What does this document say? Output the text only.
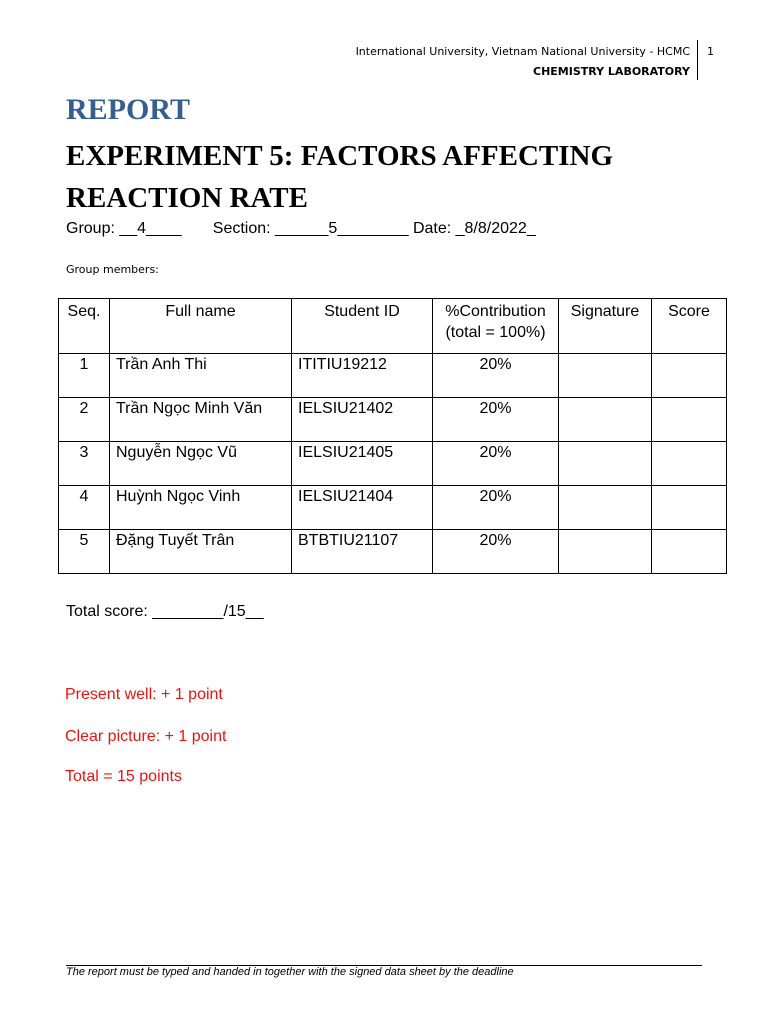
International University, Vietnam National University - HCMC
CHEMISTRY LABORATORY
1
REPORT
EXPERIMENT 5: FACTORS AFFECTING REACTION RATE
Group: __4____       Section: ______5________ Date: _8/8/2022_
Group members:
Seq.	Full name	Student ID	%Contribution (total = 100%)	Signature	Score
1	Trần Anh Thi	ITITIU19212	20%		
2	Trần Ngọc Minh Văn	IELSIU21402	20%		
3	Nguyễn Ngọc Vũ	IELSIU21405	20%		
4	Huỳnh Ngọc Vinh	IELSIU21404	20%		
5	Đặng Tuyết Trân	BTBTIU21107	20%		
Total score: ________/15__
Present well: + 1 point
Clear picture: + 1 point
Total = 15 points
The report must be typed and handed in together with the signed data sheet by the deadline
